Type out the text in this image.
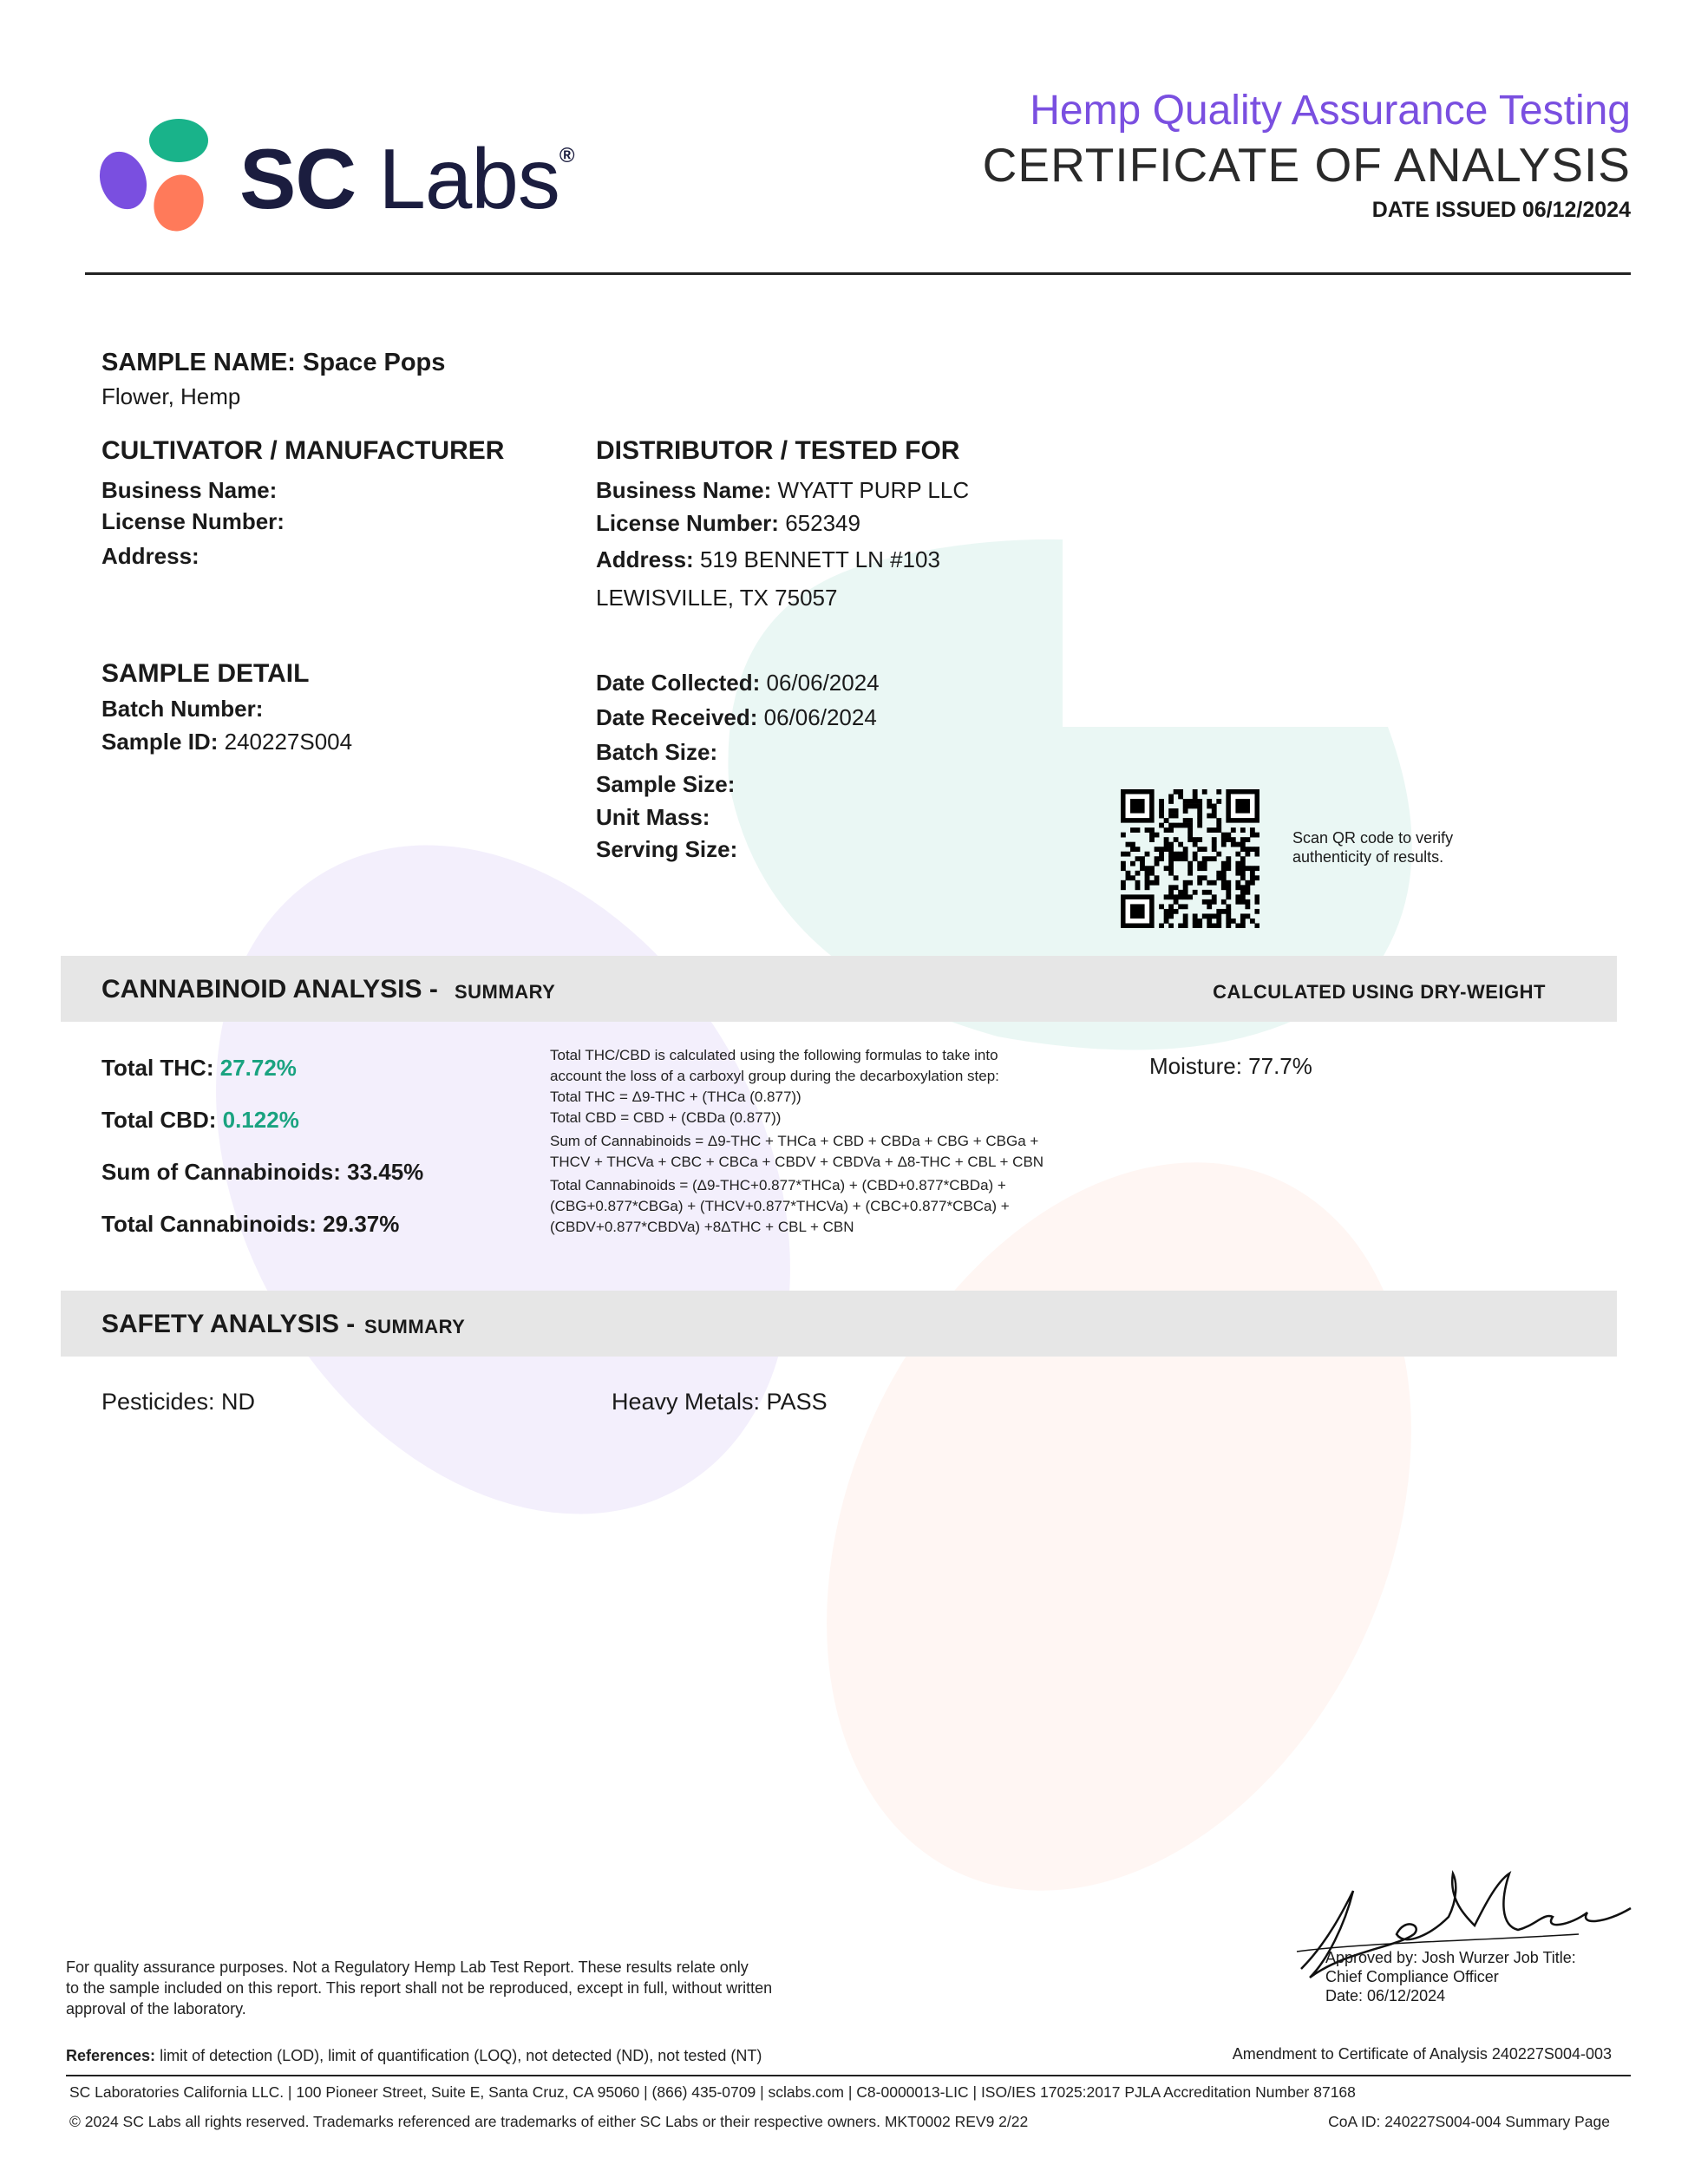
SC Labs®
Hemp Quality Assurance Testing
CERTIFICATE OF ANALYSIS
DATE ISSUED 06/12/2024
SAMPLE NAME: Space Pops
Flower, Hemp
CULTIVATOR / MANUFACTURER
Business Name:
License Number:
Address:
DISTRIBUTOR / TESTED FOR
Business Name: WYATT PURP LLC
License Number: 652349
Address: 519 BENNETT LN #103
LEWISVILLE, TX 75057
SAMPLE DETAIL
Batch Number:
Sample ID: 240227S004
Date Collected: 06/06/2024
Date Received: 06/06/2024
Batch Size:
Sample Size:
Unit Mass:
Serving Size:	Scan QR code to verify
authenticity of results.
CANNABINOID ANALYSIS - SUMMARY	CALCULATED USING DRY-WEIGHT
Total THC: 27.72%
Total CBD: 0.122%
Sum of Cannabinoids: 33.45%
Total Cannabinoids: 29.37%
Total THC/CBD is calculated using the following formulas to take into
account the loss of a carboxyl group during the decarboxylation step:
Total THC = Δ9-THC + (THCa (0.877))
Total CBD = CBD + (CBDa (0.877))
Sum of Cannabinoids = Δ9-THC + THCa + CBD + CBDa + CBG + CBGa +
THCV + THCVa + CBC + CBCa + CBDV + CBDVa + Δ8-THC + CBL + CBN
Total Cannabinoids = (Δ9-THC+0.877*THCa) + (CBD+0.877*CBDa) +
(CBG+0.877*CBGa) + (THCV+0.877*THCVa) + (CBC+0.877*CBCa) +
(CBDV+0.877*CBDVa) +8ΔTHC + CBL + CBN
Moisture: 77.7%
SAFETY ANALYSIS - SUMMARY
Pesticides: ND	Heavy Metals: PASS
Approved by: Josh Wurzer Job Title:
Chief Compliance Officer
Date: 06/12/2024
For quality assurance purposes. Not a Regulatory Hemp Lab Test Report. These results relate only
to the sample included on this report. This report shall not be reproduced, except in full, without written
approval of the laboratory.
References: limit of detection (LOD), limit of quantification (LOQ), not detected (ND), not tested (NT)	Amendment to Certificate of Analysis 240227S004-003
SC Laboratories California LLC. | 100 Pioneer Street, Suite E, Santa Cruz, CA 95060 | (866) 435-0709 | sclabs.com | C8-0000013-LIC | ISO/IES 17025:2017 PJLA Accreditation Number 87168
© 2024 SC Labs all rights reserved. Trademarks referenced are trademarks of either SC Labs or their respective owners. MKT0002 REV9 2/22	CoA ID: 240227S004-004 Summary Page
